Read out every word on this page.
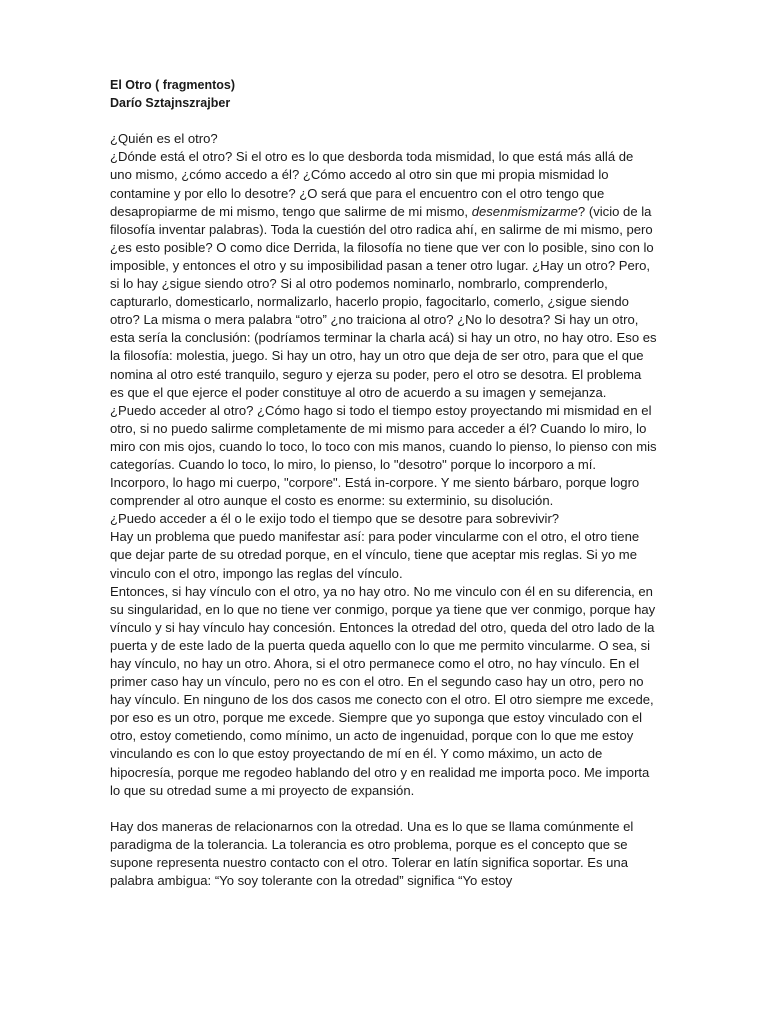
El Otro ( fragmentos)

Darío Sztajnszrajber

¿Quién es el otro?

¿Dónde está el otro? Si el otro es lo que desborda toda mismidad, lo que está más allá de uno mismo, ¿cómo accedo a él? ¿Cómo accedo al otro sin que mi propia mismidad lo contamine y por ello lo desotre? ¿O será que para el encuentro con el otro tengo que desapropiarme de mi mismo, tengo que salirme de mi mismo, desenmismizarme? (vicio de la filosofía inventar palabras). Toda la cuestión del otro radica ahí, en salirme de mi mismo, pero ¿es esto posible? O como dice Derrida, la filosofía no tiene que ver con lo posible, sino con lo imposible, y entonces el otro y su imposibilidad pasan a tener otro lugar. ¿Hay un otro? Pero, si lo hay ¿sigue siendo otro? Si al otro podemos nominarlo, nombrarlo, comprenderlo, capturarlo, domesticarlo, normalizarlo, hacerlo propio, fagocitarlo, comerlo, ¿sigue siendo otro? La misma o mera palabra “otro” ¿no traiciona al otro? ¿No lo desotra? Si hay un otro, esta sería la conclusión: (podríamos terminar la charla acá) si hay un otro, no hay otro. Eso es la filosofía: molestia, juego. Si hay un otro, hay un otro que deja de ser otro, para que el que nomina al otro esté tranquilo, seguro y ejerza su poder, pero el otro se desotra. El problema es que el que ejerce el poder constituye al otro de acuerdo a su imagen y semejanza.

¿Puedo acceder al otro? ¿Cómo hago si todo el tiempo estoy proyectando mi mismidad en el otro, si no puedo salirme completamente de mi mismo para acceder a él? Cuando lo miro, lo miro con mis ojos, cuando lo toco, lo toco con mis manos, cuando lo pienso, lo pienso con mis categorías. Cuando lo toco, lo miro, lo pienso, lo "desotro" porque lo incorporo a mí. Incorporo, lo hago mi cuerpo, "corpore". Está in-corpore. Y me siento bárbaro, porque logro comprender al otro aunque el costo es enorme: su exterminio, su disolución.

¿Puedo acceder a él o le exijo todo el tiempo que se desotre para sobrevivir?

Hay un problema que puedo manifestar así: para poder vincularme con el otro, el otro tiene que dejar parte de su otredad porque, en el vínculo, tiene que aceptar mis reglas. Si yo me vinculo con el otro, impongo las reglas del vínculo.

Entonces, si hay vínculo con el otro, ya no hay otro. No me vinculo con él en su diferencia, en su singularidad, en lo que no tiene ver conmigo, porque ya tiene que ver conmigo, porque hay vínculo y si hay vínculo hay concesión. Entonces la otredad del otro, queda del otro lado de la puerta y de este lado de la puerta queda aquello con lo que me permito vincularme. O sea, si hay vínculo, no hay un otro. Ahora, si el otro permanece como el otro, no hay vínculo. En el primer caso hay un vínculo, pero no es con el otro. En el segundo caso hay un otro, pero no hay vínculo. En ninguno de los dos casos me conecto con el otro. El otro siempre me excede, por eso es un otro, porque me excede. Siempre que yo suponga que estoy vinculado con el otro, estoy cometiendo, como mínimo, un acto de ingenuidad, porque con lo que me estoy vinculando es con lo que estoy proyectando de mí en él. Y como máximo, un acto de hipocresía, porque me regodeo hablando del otro y en realidad me importa poco. Me importa lo que su otredad sume a mi proyecto de expansión.

Hay dos maneras de relacionarnos con la otredad. Una es lo que se llama comúnmente el paradigma de la tolerancia. La tolerancia es otro problema, porque es el concepto que se supone representa nuestro contacto con el otro. Tolerar en latín significa soportar. Es una palabra ambigua: “Yo soy tolerante con la otredad” significa “Yo estoy
